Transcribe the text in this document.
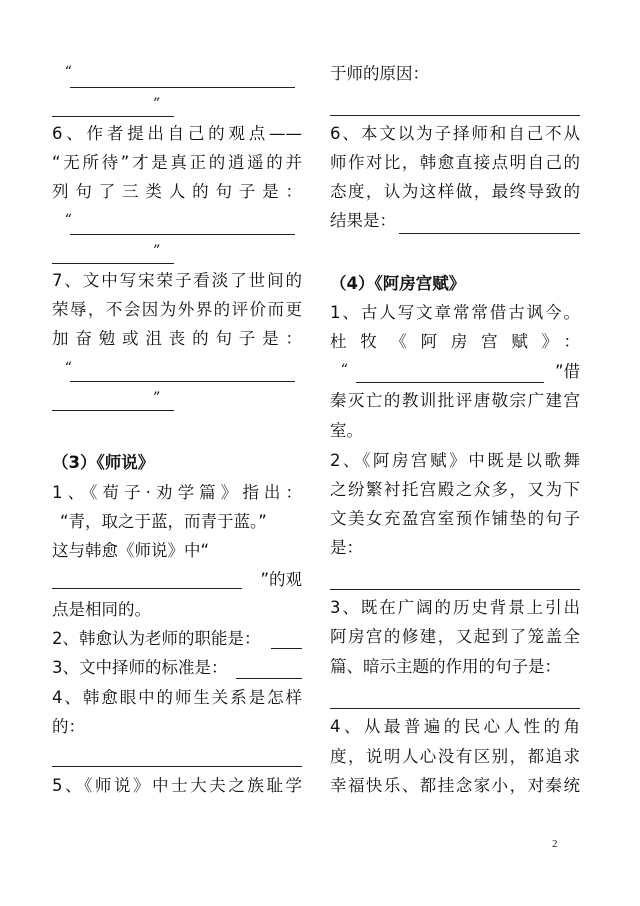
“
”
6、作者提出自己的观点——
“无所待”才是真正的逍遥的并
列句了三类人的句子是：
“
”
7、文中写宋荣子看淡了世间的
荣辱，不会因为外界的评价而更
加奋勉或沮丧的句子是：
“
”
（3）《师说》
1、《荀子·劝学篇》指出：
“青，取之于蓝，而青于蓝。”
这与韩愈《师说》中“
”的观
点是相同的。
2、韩愈认为老师的职能是：
3、文中择师的标准是：
4、韩愈眼中的师生关系是怎样
的：
5、《师说》中士大夫之族耻学
于师的原因：
6、本文以为子择师和自己不从
师作对比，韩愈直接点明自己的
态度，认为这样做，最终导致的
结果是：
（4）《阿房宫赋》
1、古人写文章常常借古讽今。
杜牧《阿房宫赋》：
“	”借
秦灭亡的教训批评唐敬宗广建宫
室。
2、《阿房宫赋》中既是以歌舞
之纷繁衬托宫殿之众多，又为下
文美女充盈宫室预作铺垫的句子
是：
3、既在广阔的历史背景上引出
阿房宫的修建，又起到了笼盖全
篇、暗示主题的作用的句子是：
4、从最普遍的民心人性的角
度，说明人心没有区别，都追求
幸福快乐、都挂念家小，对秦统
2
